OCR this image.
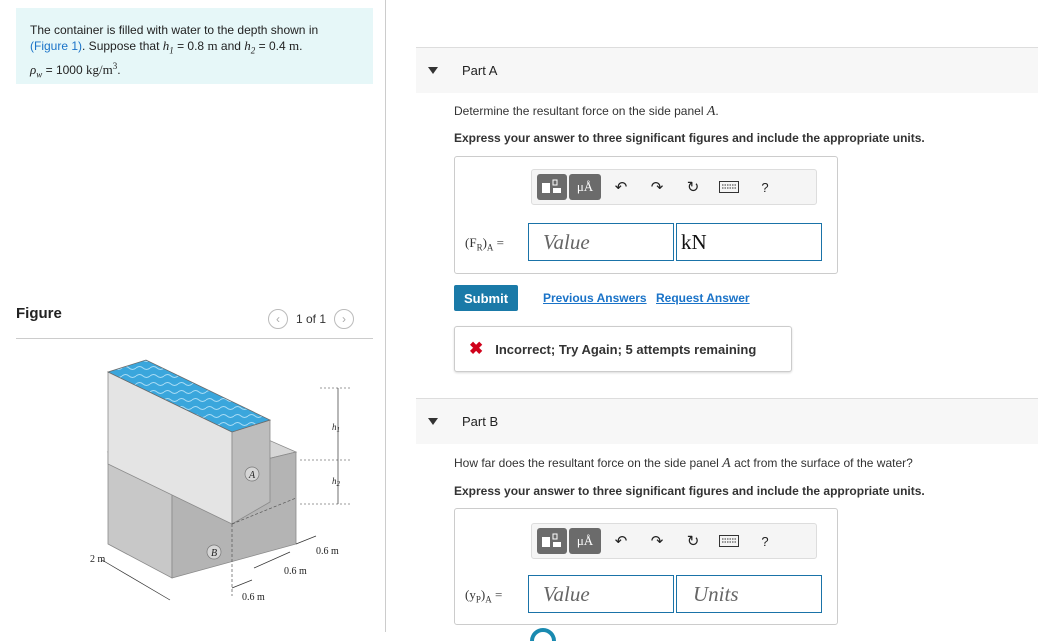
The container is filled with water to the depth shown in
(Figure 1). Suppose that $h_1 = 0.8$ m and $h_2 = 0.4$ m.
$\rho_w = 1000$ $kg/m^3$.
Figure	‹	1 of 1	›
A
B
$h_1$
$h_2$
2 m
0.6 m
0.6 m
0.6 m
Part A
Determine the resultant force on the side panel A.
Express your answer to three significant figures and include the appropriate units.
μÅ	↶	↷	↻	?
$(F_R)_A$ =	Value	kN
Submit	Previous Answers Request Answer
✖ Incorrect; Try Again; 5 attempts remaining
Part B
How far does the resultant force on the side panel A act from the surface of the water?
Express your answer to three significant figures and include the appropriate units.
μÅ	↶	↷	↻	?
$(y_P)_A$ =	Value	Units
